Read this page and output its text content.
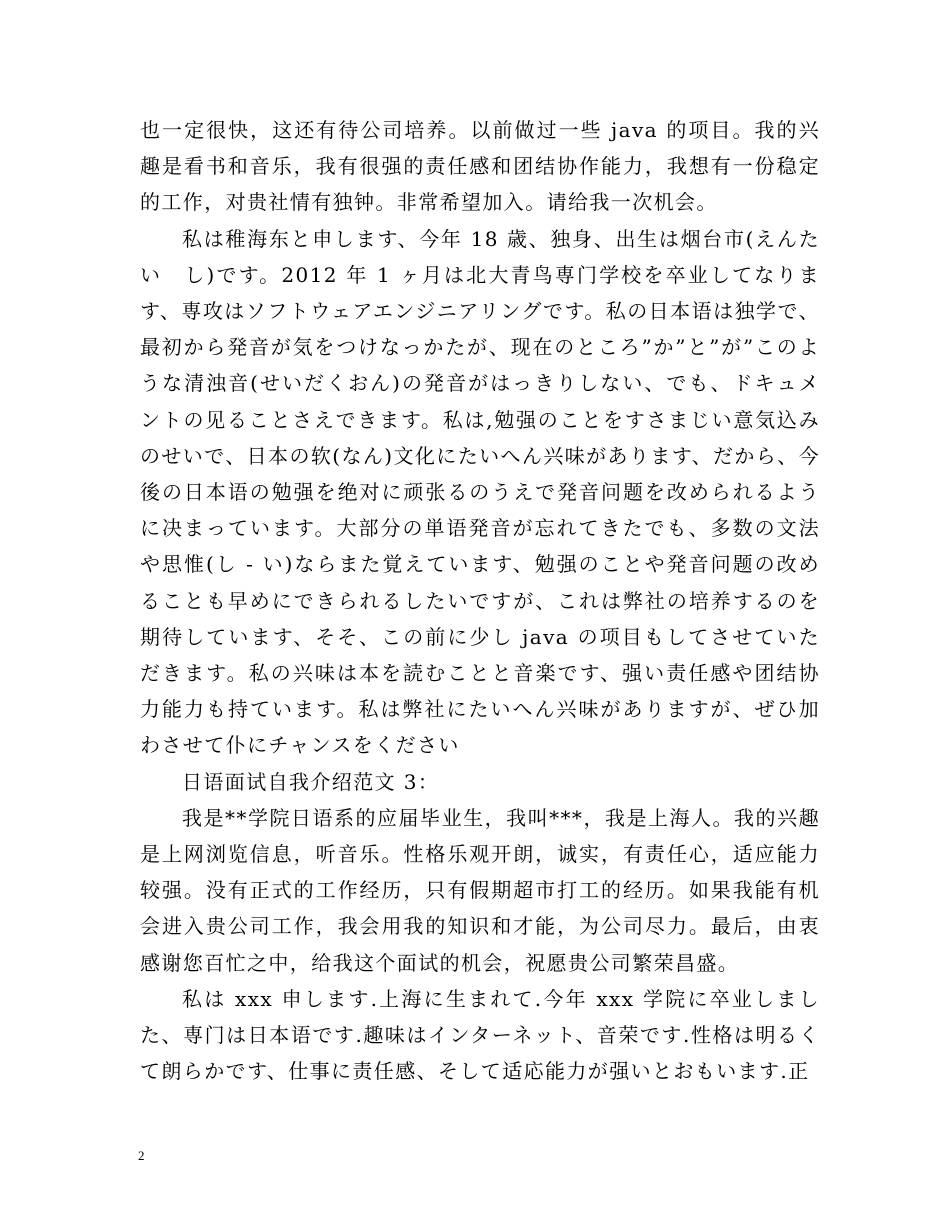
也一定很快，这还有待公司培养。以前做过一些 java 的项目。我的兴趣是看书和音乐，我有很强的责任感和团结协作能力，我想有一份稳定的工作，对贵社情有独钟。非常希望加入。请给我一次机会。

私は稚海东と申します、今年 18 歳、独身、出生は烟台市(えんたい　し)です。2012 年 1 ヶ月は北大青鸟専门学校を卒业してなります、専攻はソフトウェアエンジニアリングです。私の日本语は独学で、最初から発音が気をつけなっかたが、现在のところ”か”と”が”このような清浊音(せいだくおん)の発音がはっきりしない、でも、ドキュメントの见ることさえできます。私は,勉强のことをすさまじい意気込みのせいで、日本の软(なん)文化にたいへん兴味があります、だから、今後の日本语の勉强を绝对に顽张るのうえで発音问题を改められるように决まっています。大部分の単语発音が忘れてきたでも、多数の文法や思惟(し - い)ならまた覚えています、勉强のことや発音问题の改めることも早めにできられるしたいですが、これは弊社の培养するのを期待しています、そそ、この前に少し java の项目もしてさせていただきます。私の兴味は本を読むことと音楽です、强い责任感や团结协力能力も持ています。私は弊社にたいへん兴味がありますが、ぜひ加わさせて仆にチャンスをください

日语面试自我介绍范文 3：

我是**学院日语系的应届毕业生，我叫***，我是上海人。我的兴趣是上网浏览信息，听音乐。性格乐观开朗，诚实，有责任心，适应能力较强。没有正式的工作经历，只有假期超市打工的经历。如果我能有机会进入贵公司工作，我会用我的知识和才能，为公司尽力。最后，由衷感谢您百忙之中，给我这个面试的机会，祝愿贵公司繁荣昌盛。

私は xxx 申します.上海に生まれて.今年 xxx 学院に卒业しました、専门は日本语です.趣味はインターネット、音荣です.性格は明るくて朗らかです、仕事に责任感、そして适応能力が强いとおもいます.正

2
